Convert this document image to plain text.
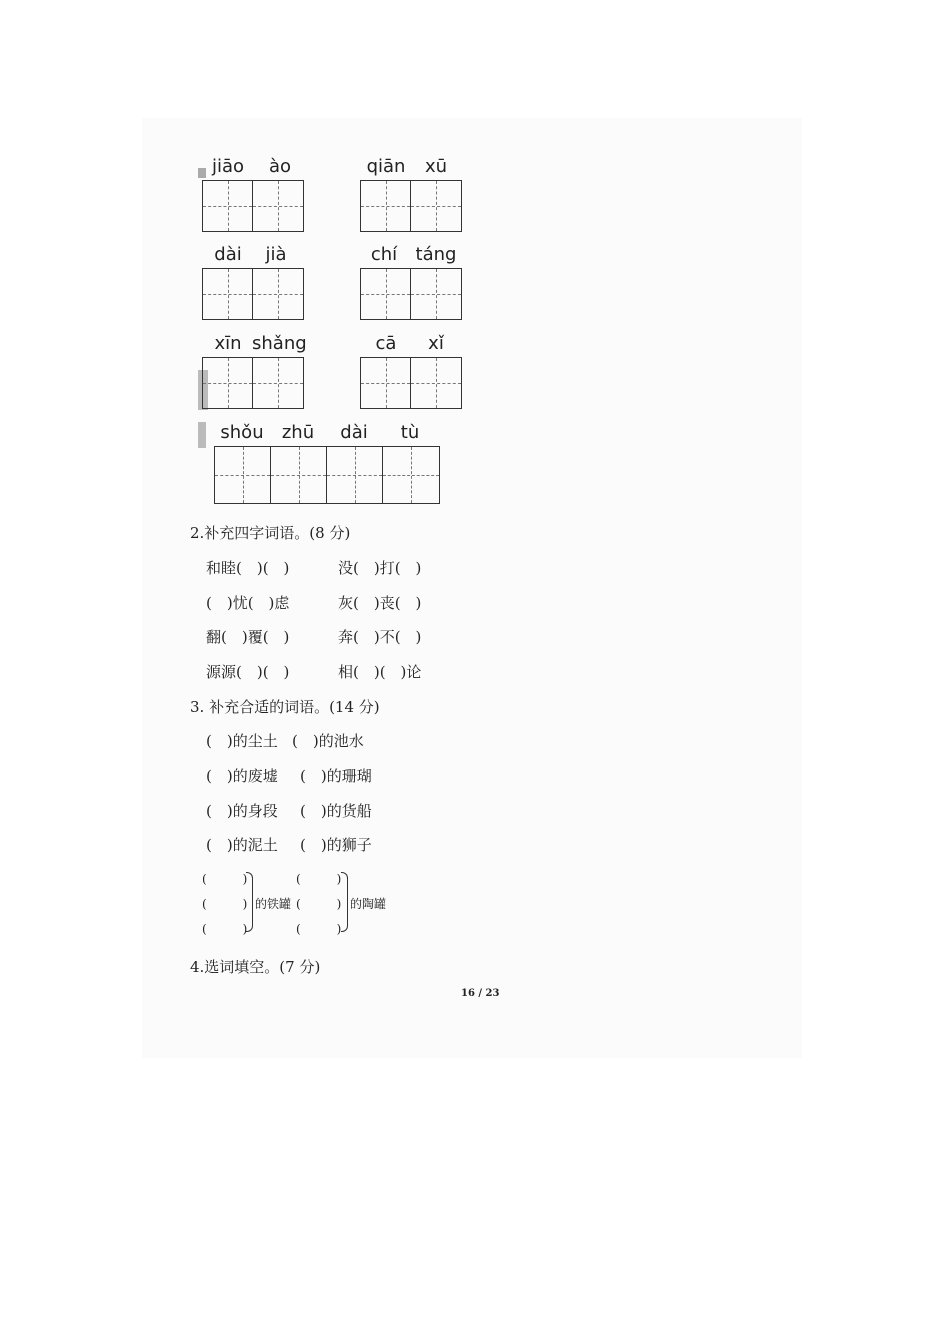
jiāo	ào	qiān	xū
dài	jià	chí táng
xīn shǎng	cā	xǐ
shǒu zhū dài	tù
2.补充四字词语。(8 分)
和睦(　)(　)	没(　)打(　)
(　)忧(　)虑	灰(　)丧(　)
翻(　)覆(　)	奔(　)不(　)
源源(　)(　)	相(　)(　)论
3. 补充合适的词语。(14 分)
(　)的尘土 (　)的池水
(　)的废墟 (　)的珊瑚
(　)的身段 (　)的货船
(　)的泥土 (　)的狮子
(　　　)
(　　　)
(　　　)
的铁罐
(　　　)
(　　　)
(　　　)
的陶罐
4.选词填空。(7 分)
16 / 23
